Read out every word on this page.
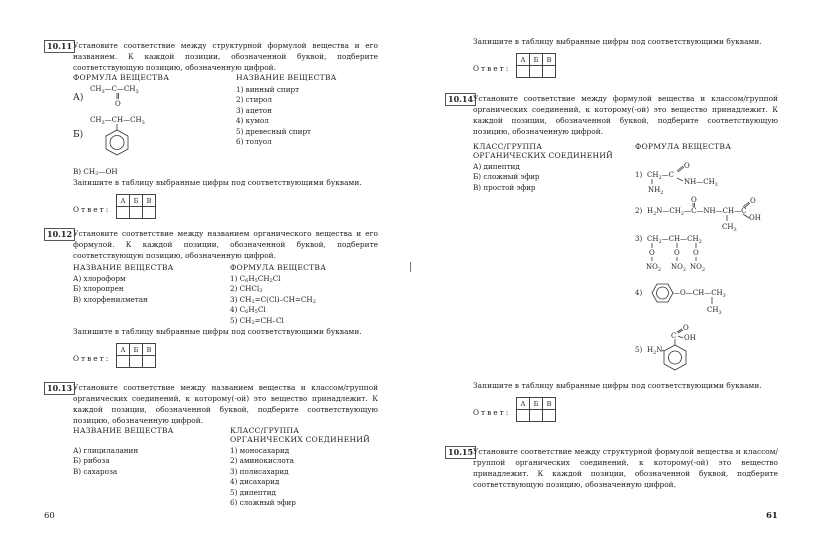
10.11 Установите соответствие между структурной формулой вещества и его названием. К каждой позиции, обозначенной буквой, подберите соответствующую позицию, обозначенную цифрой.
ФОРМУЛА ВЕЩЕСТВА	НАЗВАНИЕ ВЕЩЕСТВА
А)
$CH_3—C—CH_3$
O
$CH_3—CH—CH_3$
Б)
В) $CH_3—OH$
1) винный спирт
2) стирол
3) ацетон
4) кумол
5) древесный спирт
6) толуол
Запишите в таблицу выбранные цифры под соответствующими буквами.
Ответ:
А	Б	В

10.12 Установите соответствие между названием органического вещества и его формулой. К каждой позиции, обозначенной буквой, подберите соответствующую позицию, обозначенную цифрой.
НАЗВАНИЕ ВЕЩЕСТВА	ФОРМУЛА ВЕЩЕСТВА
А) хлороформ
Б) хлоропрен
В) хлорфенилметан
1) $C_6H_5CH_2Cl$
2) CHCl$_3$
3) $CH_2=C(Cl)-CH=CH_2$
4) $C_6H_5Cl$
5) $CH_2=CH-Cl$
Запишите в таблицу выбранные цифры под соответствующими буквами.
Ответ:
А	Б	В

10.13 Установите соответствие между названием вещества и классом/группой органических соединений, к которому(-ой) это вещество принадлежит. К каждой позиции, обозначенной буквой, подберите соответствующую позицию, обозначенную цифрой.
НАЗВАНИЕ ВЕЩЕСТВА	КЛАСС/ГРУППА
ОРГАНИЧЕСКИХ СОЕДИНЕНИЙ
А) глицилаланин
Б) рибоза
В) сахароза
1) моносахарид
2) аминокислота
3) полисахарид
4) дисахарид
5) дипептид
6) сложный эфир
60
Запишите в таблицу выбранные цифры под соответствующими буквами.
Ответ:
А	Б	В

10.14 Установите соответствие между формулой вещества и классом/группой органических соединений, к которому(-ой) это вещество принадлежит. К каждой позиции, обозначенной буквой, подберите соответствующую позицию, обозначенную цифрой.
КЛАСС/ГРУППА
ОРГАНИЧЕСКИХ СОЕДИНЕНИЙ
ФОРМУЛА ВЕЩЕСТВА
А) дипептид
Б) сложный эфир
В) простой эфир
1) $CH_2—C$
O
$NH—CH_3$
$NH_2$
2) $H_2N—CH_2—C—NH—CH—C$
O	O
OH
$CH_3$
3) $CH_2—CH—CH_2$
O	O O
$NO_2$ $NO_2$ $NO_2$
4)	$—O—CH—CH_3$
$CH_3$
5) $H_2N$
C
O
OH
Запишите в таблицу выбранные цифры под соответствующими буквами.
Ответ:
А	Б	В

10.15 Установите соответствие между структурной формулой вещества и классом/группой органических соединений, к которому(-ой) это вещество принадлежит. К каждой позиции, обозначенной буквой, подберите соответствующую позицию, обозначенную цифрой.
61
